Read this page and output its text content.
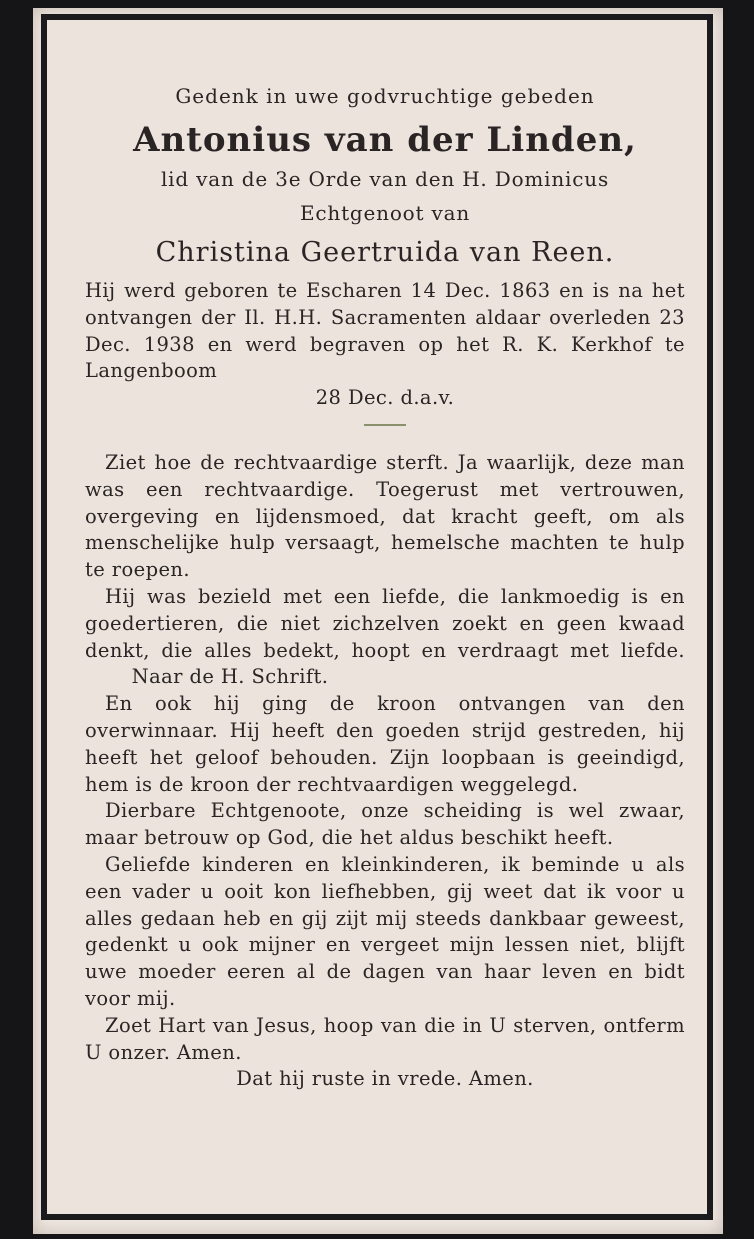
Gedenk in uwe godvruchtige gebeden
Antonius van der Linden,
lid van de 3e Orde van den H. Dominicus
Echtgenoot van
Christina Geertruida van Reen.
Hij werd geboren te Escharen 14 Dec. 1863 en is na het ontvangen der Il. H.H. Sacramenten aldaar overleden 23 Dec. 1938 en werd begraven op het R. K. Kerkhof te Langenboom
28 Dec. d.a.v.

Ziet hoe de rechtvaardige sterft. Ja waarlijk, deze man was een rechtvaardige. Toegerust met vertrouwen, overgeving en lijdensmoed, dat kracht geeft, om als menschelijke hulp versaagt, hemelsche machten te hulp te roepen.

Hij was bezield met een liefde, die lankmoedig is en goedertieren, die niet zichzelven zoekt en geen kwaad denkt, die alles bedekt, hoopt en verdraagt met liefde.  Naar de H. Schrift.

En ook hij ging de kroon ontvangen van den overwinnaar. Hij heeft den goeden strijd gestreden, hij heeft het geloof behouden. Zijn loopbaan is geeindigd, hem is de kroon der rechtvaardigen weggelegd.

Dierbare Echtgenoote, onze scheiding is wel zwaar, maar betrouw op God, die het aldus beschikt heeft.

Geliefde kinderen en kleinkinderen, ik beminde u als een vader u ooit kon liefhebben, gij weet dat ik voor u alles gedaan heb en gij zijt mij steeds dankbaar geweest, gedenkt u ook mijner en vergeet mijn lessen niet, blijft uwe moeder eeren al de dagen van haar leven en bidt voor mij.

Zoet Hart van Jesus, hoop van die in U sterven, ontferm U onzer. Amen.

Dat hij ruste in vrede. Amen.
